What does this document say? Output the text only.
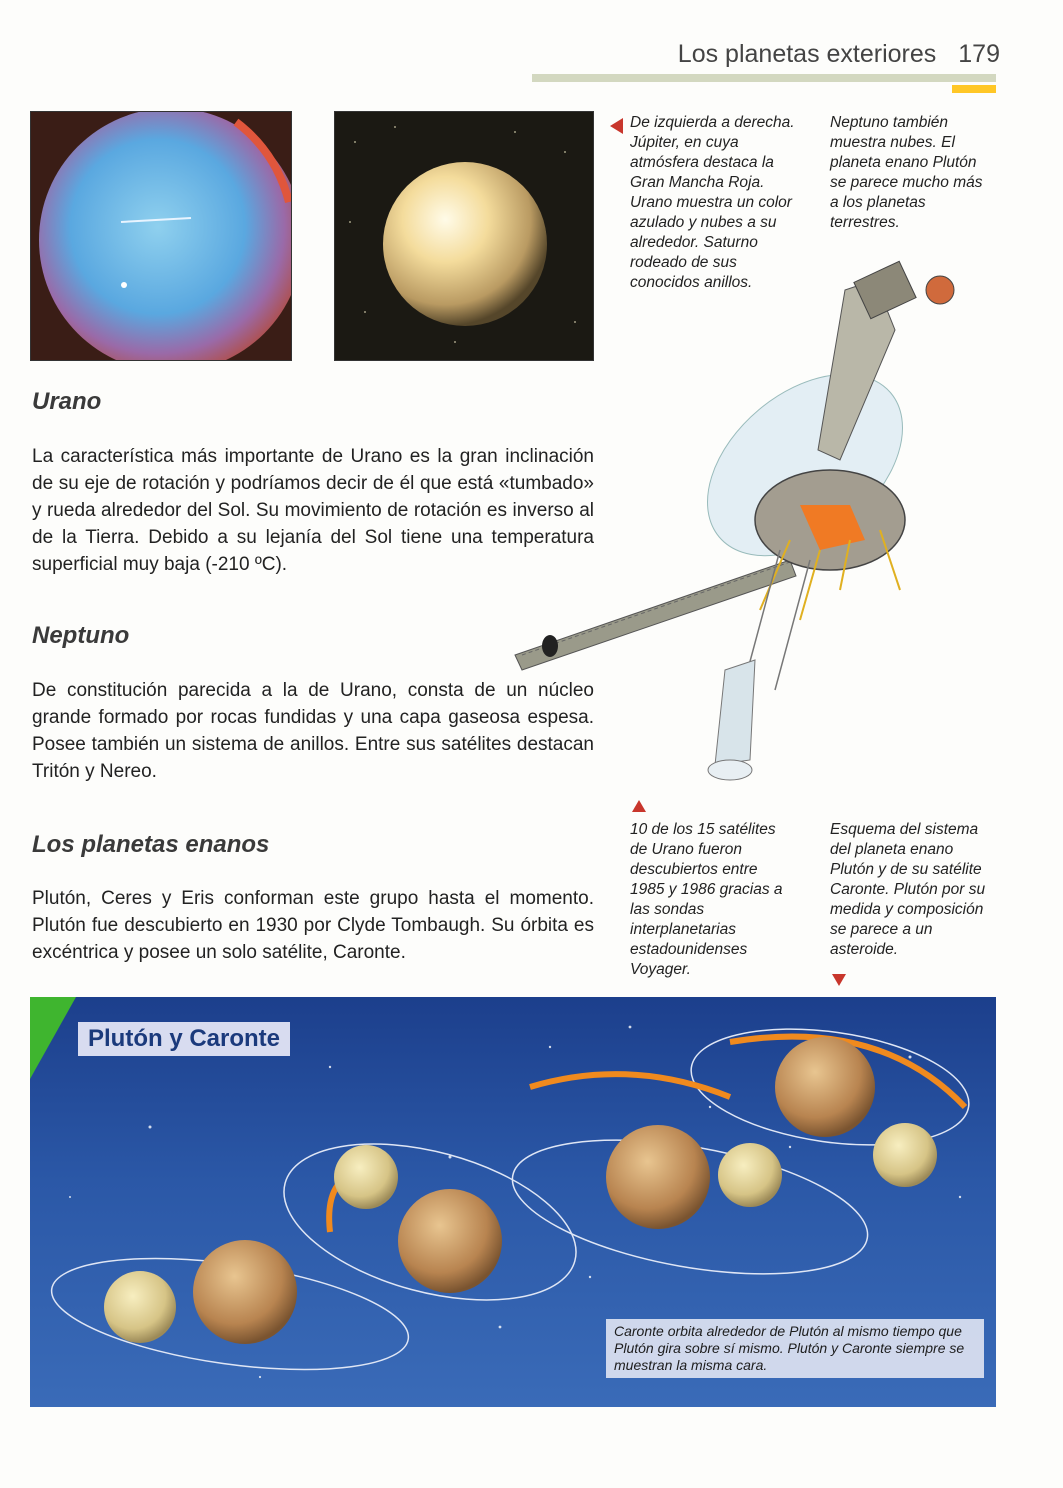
Los planetas exteriores 179

De izquierda a derecha. Júpiter, en cuya atmósfera destaca la Gran Mancha Roja. Urano muestra un color azulado y nubes a su alrededor. Saturno rodeado de sus conocidos anillos.

Neptuno también muestra nubes. El planeta enano Plutón se parece mucho más a los planetas terrestres.

Urano

La característica más importante de Urano es la gran inclinación de su eje de rotación y podríamos decir de él que está «tumbado» y rueda alrededor del Sol. Su movimiento de rotación es inverso al de la Tierra. Debido a su lejanía del Sol tiene una temperatura superficial muy baja (-210 ºC).

Neptuno

De constitución parecida a la de Urano, consta de un núcleo grande formado por rocas fundidas y una capa gaseosa espesa. Posee también un sistema de anillos. Entre sus satélites destacan Tritón y Nereo.

Los planetas enanos

Plutón, Ceres y Eris conforman este grupo hasta el momento. Plutón fue descubierto en 1930 por Clyde Tombaugh. Su órbita es excéntrica y posee un solo satélite, Caronte.

10 de los 15 satélites de Urano fueron descubiertos entre 1985 y 1986 gracias a las sondas interplanetarias estadounidenses Voyager.

Esquema del sistema del planeta enano Plutón y de su satélite Caronte. Plutón por su medida y composición se parece a un asteroide.

Plutón y Caronte
Caronte orbita alrededor de Plutón al mismo tiempo que Plutón gira sobre sí mismo. Plutón y Caronte siempre se muestran la misma cara.
